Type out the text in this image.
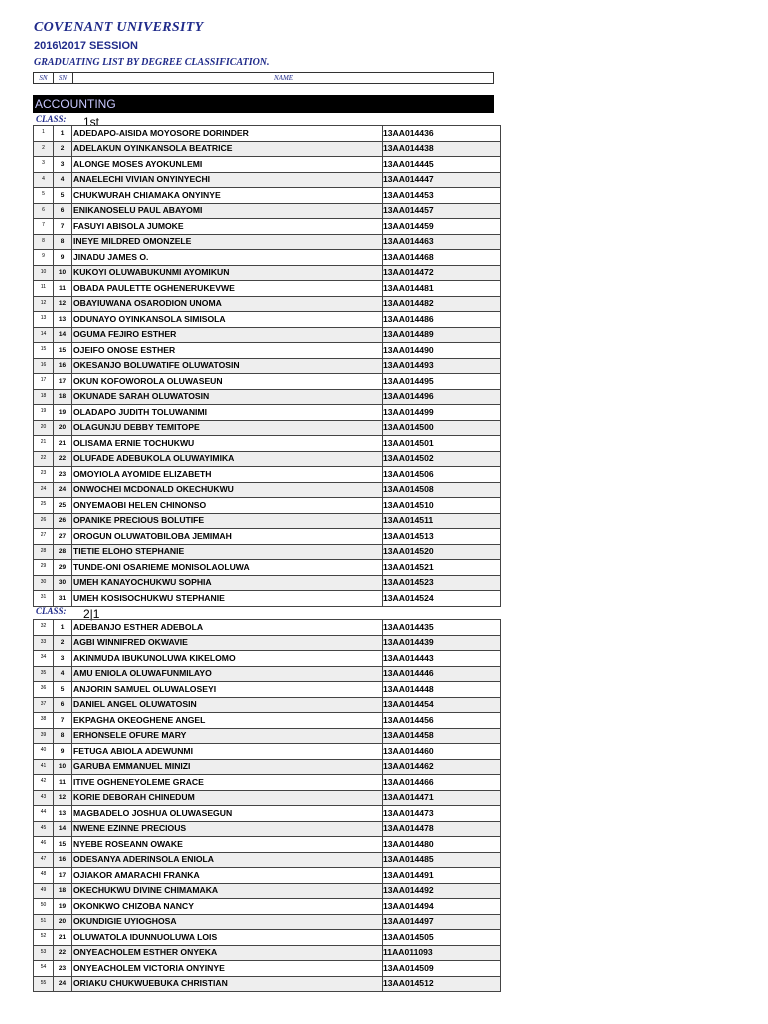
COVENANT UNIVERSITY
2016\2017 SESSION
GRADUATING LIST BY DEGREE CLASSIFICATION.
SN	SN	NAME
ACCOUNTING
CLASS: 1st
1	1	ADEDAPO-AISIDA MOYOSORE DORINDER	13AA014436
2	2	ADELAKUN OYINKANSOLA BEATRICE	13AA014438
3	3	ALONGE MOSES AYOKUNLEMI	13AA014445
4	4	ANAELECHI VIVIAN ONYINYECHI	13AA014447
5	5	CHUKWURAH CHIAMAKA ONYINYE	13AA014453
6	6	ENIKANOSELU PAUL ABAYOMI	13AA014457
7	7	FASUYI ABISOLA JUMOKE	13AA014459
8	8	INEYE MILDRED OMONZELE	13AA014463
9	9	JINADU JAMES O.	13AA014468
10	10	KUKOYI OLUWABUKUNMI AYOMIKUN	13AA014472
11	11	OBADA PAULETTE OGHENERUKEVWE	13AA014481
12	12	OBAYIUWANA OSARODION UNOMA	13AA014482
13	13	ODUNAYO OYINKANSOLA SIMISOLA	13AA014486
14	14	OGUMA FEJIRO ESTHER	13AA014489
15	15	OJEIFO ONOSE ESTHER	13AA014490
16	16	OKESANJO BOLUWATIFE OLUWATOSIN	13AA014493
17	17	OKUN KOFOWOROLA OLUWASEUN	13AA014495
18	18	OKUNADE SARAH OLUWATOSIN	13AA014496
19	19	OLADAPO JUDITH TOLUWANIMI	13AA014499
20	20	OLAGUNJU DEBBY TEMITOPE	13AA014500
21	21	OLISAMA ERNIE TOCHUKWU	13AA014501
22	22	OLUFADE ADEBUKOLA OLUWAYIMIKA	13AA014502
23	23	OMOYIOLA AYOMIDE ELIZABETH	13AA014506
24	24	ONWOCHEI MCDONALD OKECHUKWU	13AA014508
25	25	ONYEMAOBI HELEN CHINONSO	13AA014510
26	26	OPANIKE PRECIOUS BOLUTIFE	13AA014511
27	27	OROGUN OLUWATOBILOBA JEMIMAH	13AA014513
28	28	TIETIE ELOHO STEPHANIE	13AA014520
29	29	TUNDE-ONI OSARIEME MONISOLAOLUWA	13AA014521
30	30	UMEH KANAYOCHUKWU SOPHIA	13AA014523
31	31	UMEH KOSISOCHUKWU STEPHANIE	13AA014524
CLASS: 2|1
32	1	ADEBANJO ESTHER ADEBOLA	13AA014435
33	2	AGBI WINNIFRED OKWAVIE	13AA014439
34	3	AKINMUDA IBUKUNOLUWA KIKELOMO	13AA014443
35	4	AMU ENIOLA OLUWAFUNMILAYO	13AA014446
36	5	ANJORIN SAMUEL OLUWALOSEYI	13AA014448
37	6	DANIEL ANGEL OLUWATOSIN	13AA014454
38	7	EKPAGHA OKEOGHENE ANGEL	13AA014456
39	8	ERHONSELE OFURE MARY	13AA014458
40	9	FETUGA ABIOLA ADEWUNMI	13AA014460
41	10	GARUBA EMMANUEL MINIZI	13AA014462
42	11	ITIVE OGHENEYOLEME GRACE	13AA014466
43	12	KORIE DEBORAH CHINEDUM	13AA014471
44	13	MAGBADELO JOSHUA OLUWASEGUN	13AA014473
45	14	NWENE EZINNE PRECIOUS	13AA014478
46	15	NYEBE ROSEANN OWAKE	13AA014480
47	16	ODESANYA ADERINSOLA ENIOLA	13AA014485
48	17	OJIAKOR AMARACHI FRANKA	13AA014491
49	18	OKECHUKWU DIVINE CHIMAMAKA	13AA014492
50	19	OKONKWO CHIZOBA NANCY	13AA014494
51	20	OKUNDIGIE UYIOGHOSA	13AA014497
52	21	OLUWATOLA IDUNNUOLUWA LOIS	13AA014505
53	22	ONYEACHOLEM ESTHER ONYEKA	11AA011093
54	23	ONYEACHOLEM VICTORIA ONYINYE	13AA014509
55	24	ORIAKU CHUKWUEBUKA CHRISTIAN	13AA014512
